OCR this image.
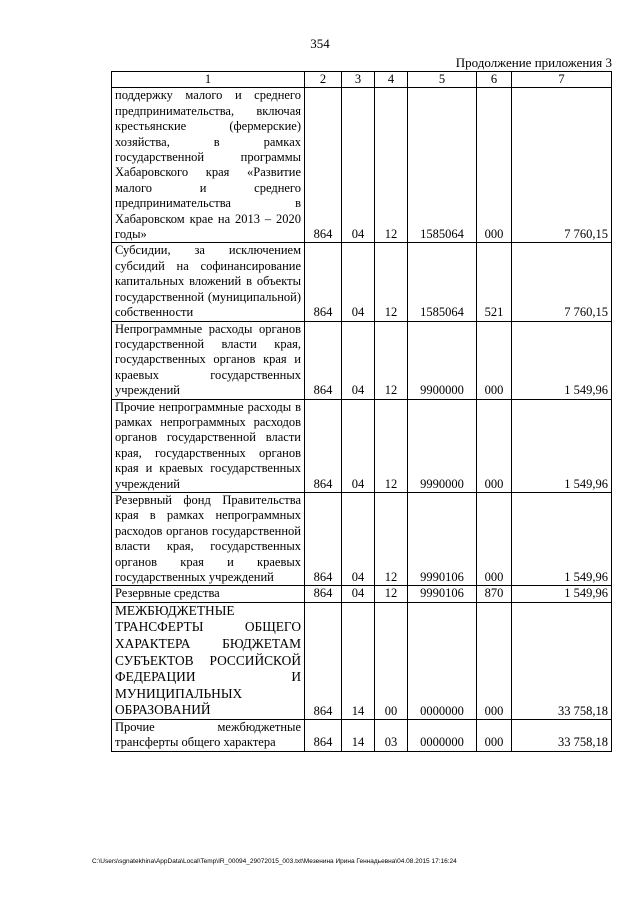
354
Продолжение приложения 3
1	2	3	4	5	6	7
поддержку малого и среднего предпринимательства, включая крестьянские (фермерские) хозяйства, в рамках государственной программы Хабаровского края «Развитие малого и среднего предпринимательства в Хабаровском крае на 2013 – 2020 годы»	864	04	12	1585064	000	7 760,15
Субсидии, за исключением субсидий на софинансирование капитальных вложений в объекты государственной (муниципальной) собственности	864	04	12	1585064	521	7 760,15
Непрограммные расходы органов государственной власти края, государственных органов края и краевых государственных учреждений	864	04	12	9900000	000	1 549,96
Прочие непрограммные расходы в рамках непрограммных расходов органов государственной власти края, государственных органов края и краевых государственных учреждений	864	04	12	9990000	000	1 549,96
Резервный фонд Правительства края в рамках непрограммных расходов органов государственной власти края, государственных органов края и краевых государственных учреждений	864	04	12	9990106	000	1 549,96
Резервные средства	864	04	12	9990106	870	1 549,96
МЕЖБЮДЖЕТНЫЕ ТРАНСФЕРТЫ ОБЩЕГО ХАРАКТЕРА БЮДЖЕТАМ СУБЪЕКТОВ РОССИЙСКОЙ ФЕДЕРАЦИИ И МУНИЦИПАЛЬНЫХ ОБРАЗОВАНИЙ	864	14	00	0000000	000	33 758,18
Прочие межбюджетные трансферты общего характера	864	14	03	0000000	000	33 758,18
C:\Users\sgnatekhina\AppData\Local\Temp\IR_00094_29072015_003.txt\Мезенина Ирина Геннадьевна\04.08.2015 17:16:24
